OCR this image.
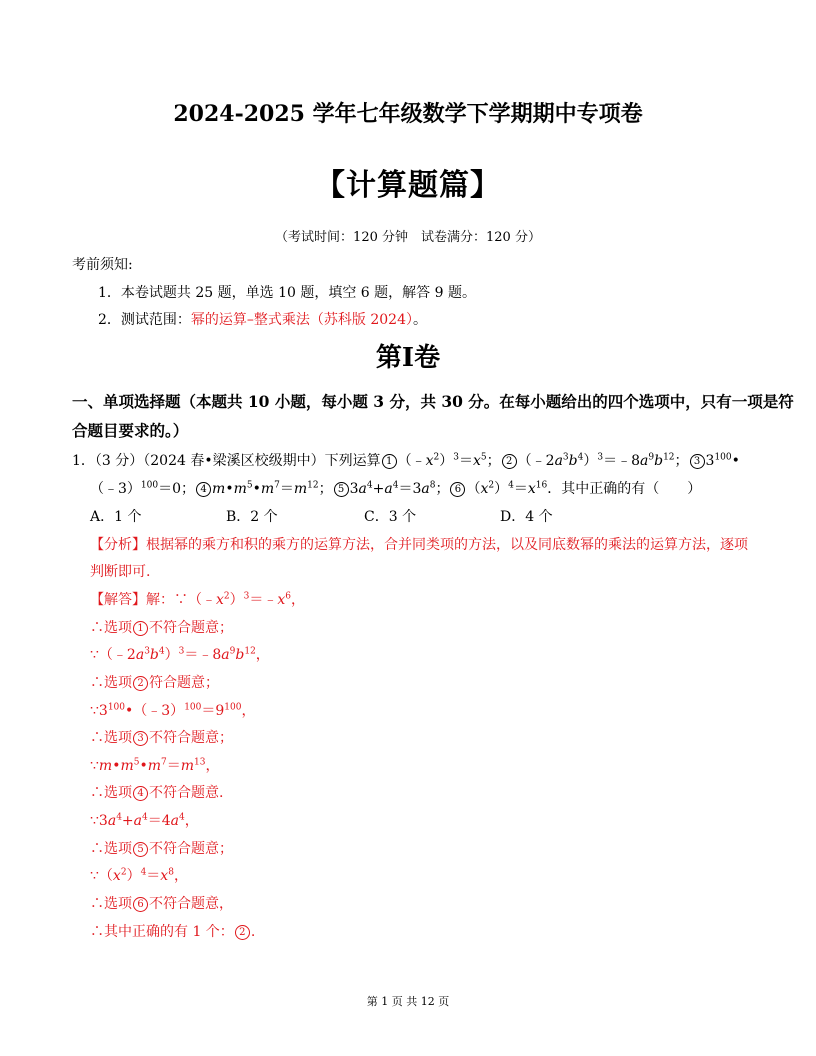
2024-2025 学年七年级数学下学期期中专项卷
【计算题篇】
（考试时间：120 分钟　试卷满分：120 分）
考前须知:
1．本卷试题共 25 题，单选 10 题，填空 6 题，解答 9 题。
2．测试范围：幂的运算–整式乘法（苏科版 2024）。
第Ⅰ卷
一、单项选择题（本题共 10 小题，每小题 3 分，共 30 分。在每小题给出的四个选项中，只有一项是符
合题目要求的。）
1．（3 分）（2024 春•梁溪区校级期中）下列运算 1 $(﹣x^2)^3=x^5$； 2 $(﹣2a^3b^4)^3=﹣8a^9b^{12}$； 3 $3^{100}•$
（﹣3）$^{100}$＝0； 4 $m•m^5•m^7=m^{12}$； 5 $3a^4+a^4=3a^8$； 6 $(x^2)^4=x^{16}$．其中正确的有（　　）
A．1 个	B．2 个	C．3 个	D．4 个
【分析】根据幂的乘方和积的乘方的运算方法，合并同类项的方法，以及同底数幂的乘法的运算方法，逐项
判断即可.
【解答】解：$\because(﹣x^2)^3=﹣x^6$，
∴选项 1 不符合题意；
$\because(﹣2a^3b^4)^3=﹣8a^9b^{12}$，
∴选项 2 符合题意；
$\because 3^{100}•(﹣3)^{100}=9^{100}$，
∴选项 3 不符合题意；
$\because m•m^5•m^7=m^{13}$，
∴选项 4 不符合题意.
$\because 3a^4+a^4=4a^4$，
∴选项 5 不符合题意；
$\because(x^2)^4=x^8$，
∴选项 6 不符合题意，
∴其中正确的有 1 个： 2 .
第 1 页 共 12 页
